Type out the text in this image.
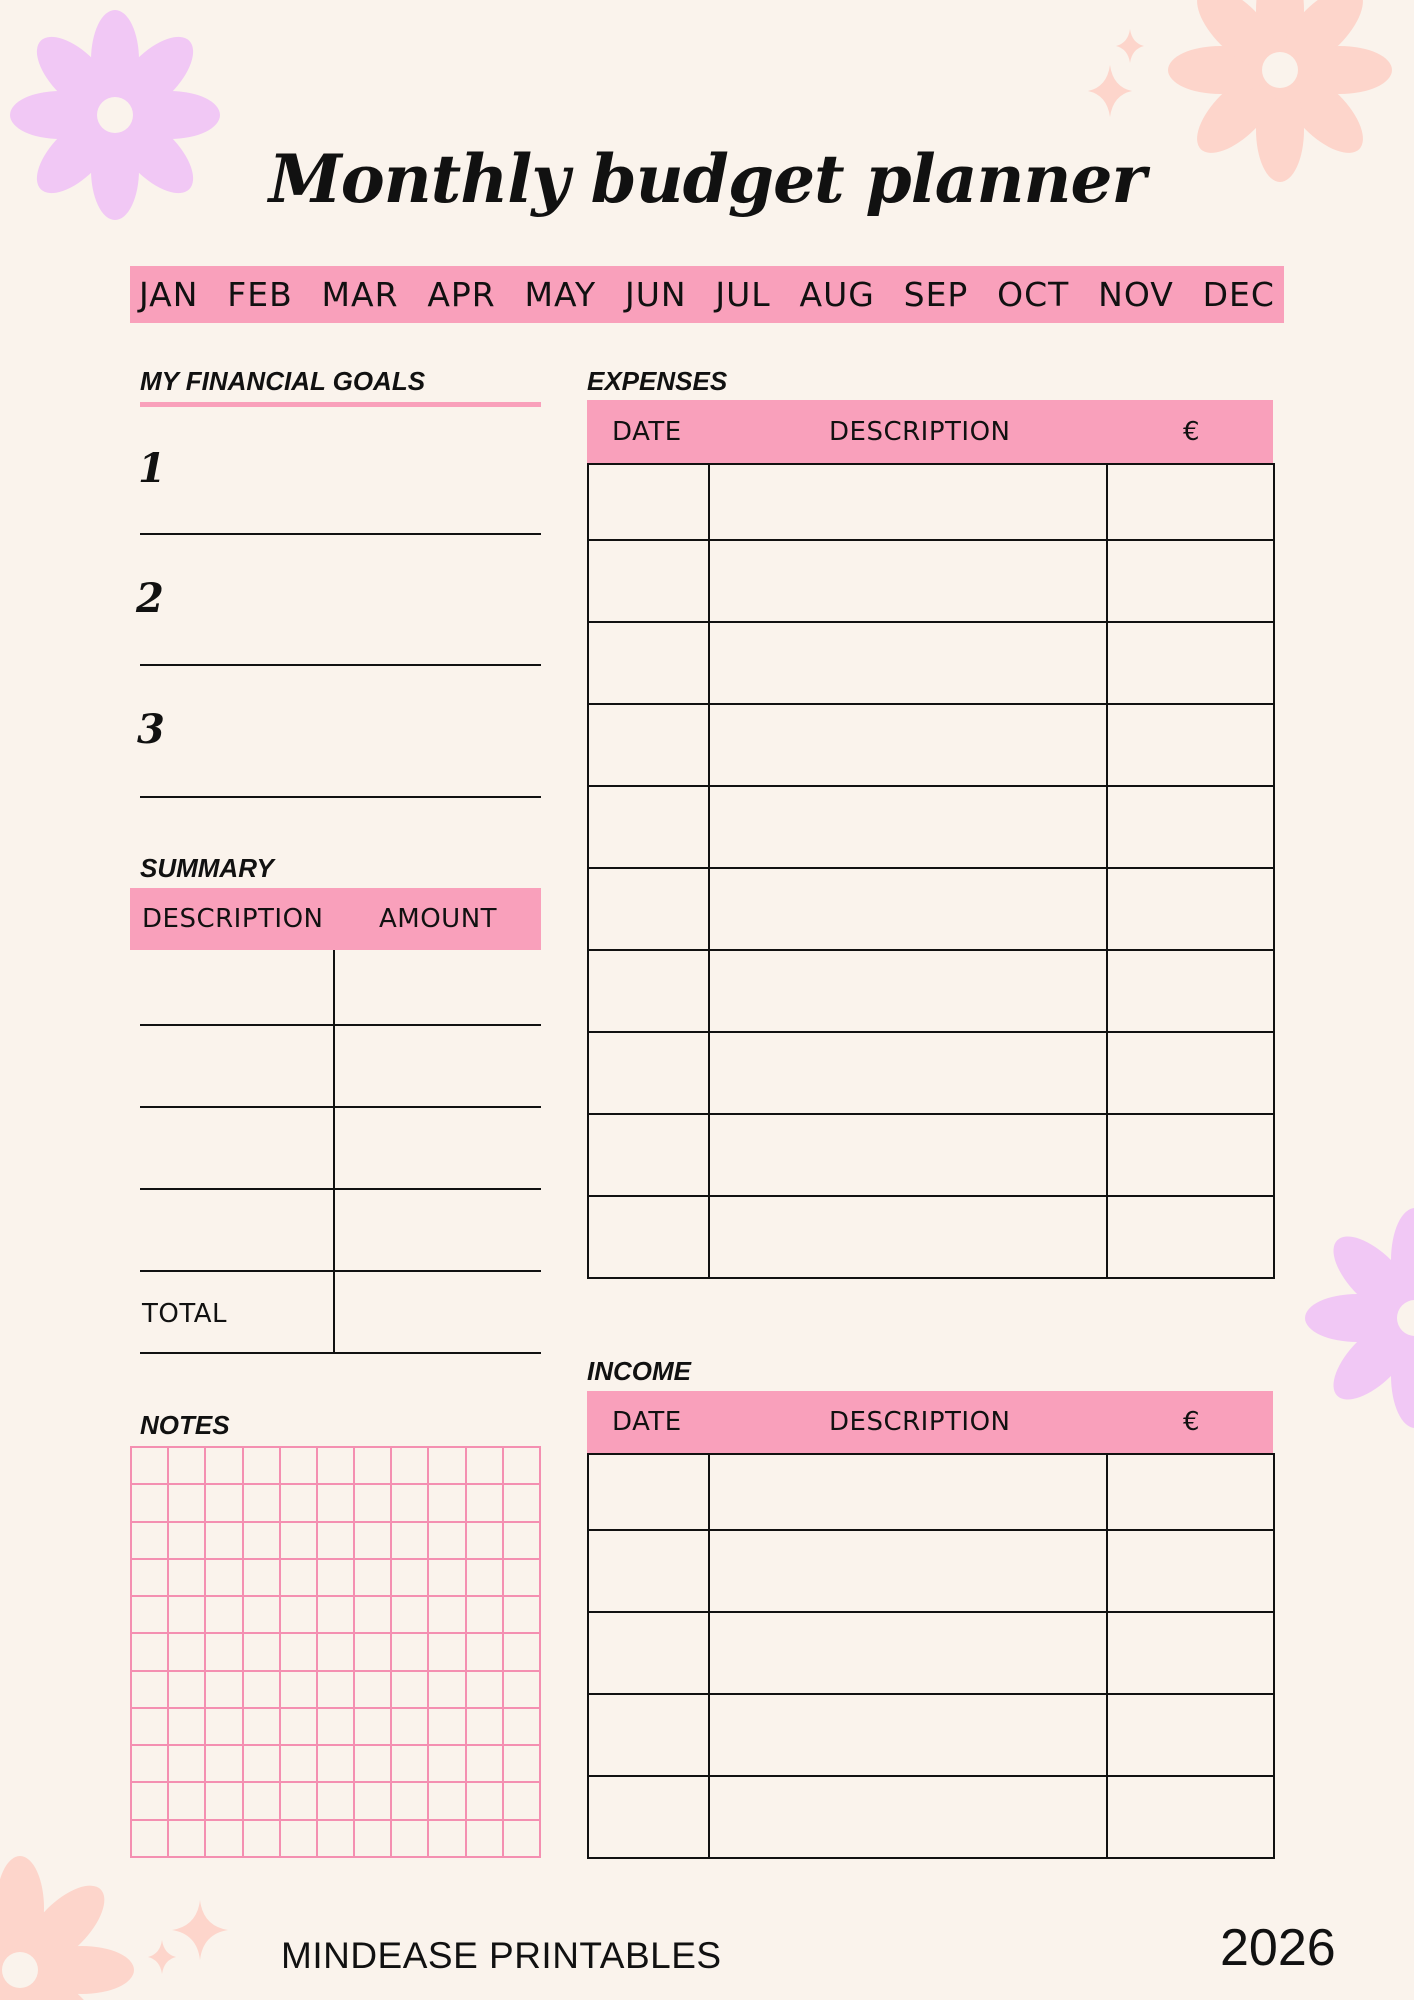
Monthly budget planner
JAN FEB MAR APR MAY JUN JUL AUG SEP OCT NOV DEC
MY FINANCIAL GOALS
1
2
3
SUMMARY
DESCRIPTION AMOUNT
TOTAL
NOTES

EXPENSES
DATE	DESCRIPTION	€

INCOME
DATE	DESCRIPTION	€

MINDEASE PRINTABLES	2026
